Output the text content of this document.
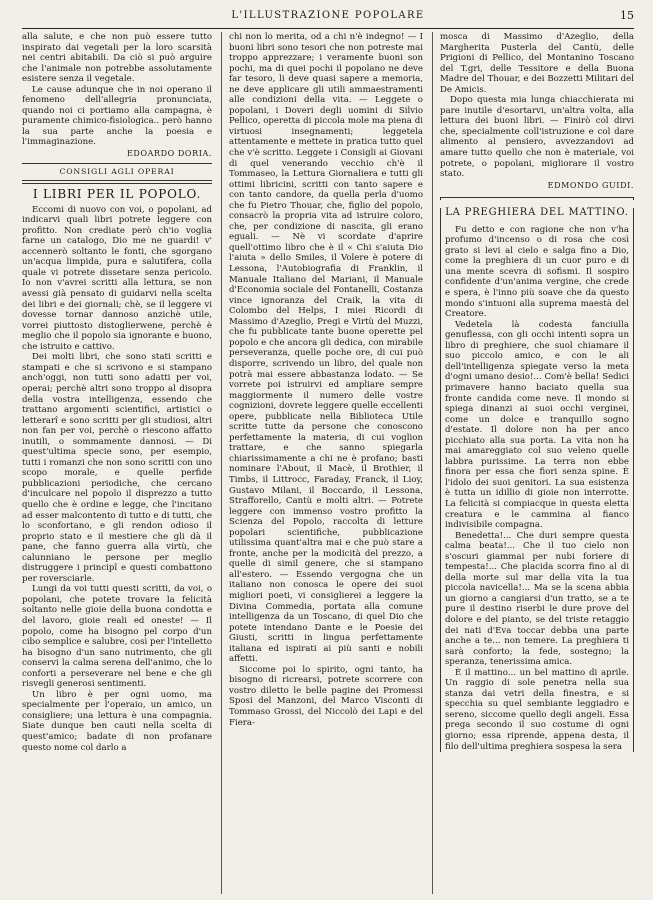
L'ILLUSTRAZIONE POPOLARE	15

alla salute, e che non può essere tutto inspirato dai vegetali per la loro scarsità nei centri abitabili. Da ciò si può arguire che l'animale non potrebbe assolutamente esistere senza il vegetale.

Le cause adunque che in noi operano il fenomeno dell'allegria pronunciata, quando noi ci portiamo alla campagna, è puramente chimico-fisiologica.. però hanno la sua parte anche la poesia e l'immaginazione.

EDOARDO DORIA.
CONSIGLI AGLI OPERAI
I LIBRI PER IL POPOLO.

Eccomi di nuovo con voi, o popolani, ad indicarvi quali libri potrete leggere con profitto. Non crediate però ch'io voglia farne un catalogo, Dio me ne guardi! v' accennerò soltanto le fonti, che sgorgano un'acqua limpida, pura e salutifera, colla quale vi potrete dissetare senza pericolo. Io non v'avrei scritti alla lettura, se non avessi già pensato di guidarvi nella scelta dei libri e dei giornali; chè, se il leggere vi dovesse tornar dannoso anzichè utile, vorrei piuttosto distoglierwene, perchè è meglio che il popolo sia ignorante e buono, che istruito e cattivo.

Dei molti libri, che sono stati scritti e stampati e che si scrivono e si stampano anch'oggi, non tutti sono adatti per voi, operai; perchè altri sono troppo al disopra della vostra intelligenza, essendo che trattano argomenti scientifici, artistici o letterarî e sono scritti per gli studiosi, altri non fan per voi, perchè o riescono affatto inutili, o sommamente dannosi. — Di quest'ultima specie sono, per esempio, tutti i romanzi che non sono scritti con uno scopo morale, e quelle perfide pubblicazioni periodiche, che cercano d'inculcare nel popolo il disprezzo a tutto quello che è ordine e legge, che l'incitano ad esser malcontento di tutto e di tutti, che lo sconfortano, e gli rendon odioso il proprio stato e il mestiere che gli dà il pane, che fanno guerra alla virtù, che calunniano le persone per meglio distruggere i principî e questi combattono per roversciarle.

Lungi da voi tutti questi scritti, da voi, o popolani, che potete trovare la felicità soltanto nelle gioie della buona condotta e del lavoro, gioie reali ed oneste! — Il popolo, come ha bisogno pel corpo d'un cibo semplice e salubre, così per l'intelletto ha bisogno d'un sano nutrimento, che gli conservi la calma serena dell'animo, che lo conforti a perseverare nel bene e che gli risvegli generosi sentimenti.

Un libro è per ogni uomo, ma specialmente per l'operaio, un amico, un consigliere; una lettura è una compagnia. Siate dunque ben cauti nella scelta di quest'amico; badate di non profanare questo nome col darlo a

chi non lo merita, od a chi n'è indegno! — I buoni libri sono tesori che non potreste mai troppo apprezzare; i veramente buoni son pochi, ma di quei pochi il popolano ne deve far tesoro, li deve quasi sapere a memoria, ne deve applicare gli utili ammaestramenti alle condizioni della vita. — Leggete o popolani, i Doveri degli uomini di Silvio Pellico, operetta di piccola mole ma piena di virtuosi insegnamenti; leggetela attentamente e mettete in pratica tutto quel che v'è scritto. Leggete i Consigli ai Giovani di quel venerando vecchio ch'è il Tommaseo, la Lettura Giornaliera e tutti gli ottimi libricini, scritti con tanto sapere e con tanto candore, da quella perla d'uomo che fu Pietro Thouar, che, figlio del popolo, consacrò la propria vita ad istruire coloro, che, per condizione di nascita, gli erano eguali. — Nè vi scordate d'aprire quell'ottimo libro che è il « Chi s'aiuta Dio l'aiuta » dello Smiles, il Volere è potere di Lessona, l'Autobiografia di Franklin, il Manuale Italiano del Mariani, il Manuale d'Economia sociale del Fontanelli, Costanza vince ignoranza del Craik, la vita di Colombo del Helps, I miei Ricordi di Massimo d'Azeglio, Pregi e Virtù del Muzzi, che fu pubblicate tante buone operette pel popolo e che ancora gli dedica, con mirabile perseveranza, quelle poche ore, di cui può disporre, scrivendo un libro, del quale non potrà mai essere abbastanza lodato. — Se vorrete poi istruirvi ed ampliare sempre maggiormente il numero delle vostre cognizioni, dovrete leggere quelle eccellenti opere, pubblicate nella Biblioteca Utile scritte tutte da persone che conoscono perfettamente la materia, di cui voglion trattare, e che sanno spiegarla chiarissimamente a chi ne è profano; basti nominare l'About, il Macè, il Brothier, il Timbs, il Littrocc, Faraday, Franck, il Lioy, Gustavo Milani, il Boccardo, il Lessona, Strafforello, Cantù e molti altri. — Potrete leggere con immenso vostro profitto la Scienza del Popolo, raccolta di letture popolari scientifiche, pubblicazione utilissima quant'altra mai e che può stare a fronte, anche per la modicità del prezzo, a quelle di simil genere, che si stampano all'estero. — Essendo vergogna che un italiano non conosca le opere dei suoi migliori poeti, vi consiglierei a leggere la Divina Commedia, portata alla comune intelligenza da un Toscano, di quel Dio che potete intendano Dante e le Poesie dei Giusti, scritti in lingua perfettamente italiana ed ispirati ai più santi e nobili affetti.

Siccome poi lo spirito, ogni tanto, ha bisogno di ricrearsi, potrete scorrere con vostro diletto le belle pagine dei Promessi Sposi del Manzoni, del Marco Visconti di Tommaso Grossi, del Niccolò dei Lapi e del Fiera-

mosca di Massimo d'Azeglio, della Margherita Pusterla del Cantù, delle Prigioni di Pellico, del Montanino Toscano del T.gri, delle Tessitore e della Buona Madre del Thouar, e dei Bozzetti Militari del De Amicis.

Dopo questa mia lunga chiacchierata mi pare inutile d'esortarvi, un'altra volta, alla lettura dei buoni libri. — Finirò col dirvi che, specialmente coll'istruzione e col dare alimento al pensiero, avvezzandovi ad amare tutto quello che non è materiale, voi potrete, o popolani, migliorare il vostro stato.

EDMONDO GUIDI.
LA PREGHIERA DEL MATTINO.

Fu detto e con ragione che non v'ha profumo d'incenso o di rosa che così grato si levi al cielo e salga fino a Dio, come la preghiera di un cuor puro e di una mente scevra di sofismi. Il sospiro confidente d'un'anima vergine, che crede e spera, è l'inno più soave che da questo mondo s'intuoni alla suprema maestà del Creatore.

Vedetela là codesta fanciulla genuflessa, con gli occhi intenti sopra un libro di preghiere, che suol chiamare il suo piccolo amico, e con le ali dell'intelligenza spiegate verso la meta d'ogni umano desio!... Com'è bella! Sedici primavere hanno baciato quella sua fronte candida come neve. Il mondo si spiega dinanzi ai suoi occhi verginei, come un dolce e tranquillo sogno d'estate. Il dolore non ha per anco picchiato alla sua porta. La vita non ha mai amareggiato col suo veleno quelle labbra purissime. La terra non ebbe finora per essa che fiori senza spine. È l'idolo dei suoi genitori. La sua esistenza è tutta un idillio di gioie non interrotte. La felicità si compiacque in questa eletta creatura e le cammina al fianco indivisibile compagna.

Benedetta!... Che duri sempre questa calma beata!... Che il tuo cielo non s'oscuri giammai per nubi foriere di tempesta!... Che placida scorra fino al di della morte sul mar della vita la tua piccola navicella!... Ma se la scena abbia un giorno a cangiarsi d'un tratto, se a te pure il destino riserbi le dure prove del dolore e del pianto, se del triste retaggio dei nati d'Eva toccar debba una parte anche a te... non temere. La preghiera ti sarà conforto; la fede, sostegno; la speranza, tenerissima amica.

È il mattino... un bel mattino di aprile. Un raggio di sole penetra nella sua stanza dai vetri della finestra, e si specchia su quel sembiante leggiadro e sereno, siccome quello degli angeli. Essa prega secondo il suo costume di ogni giorno; essa riprende, appena desta, il filo dell'ultima preghiera sospesa la sera
